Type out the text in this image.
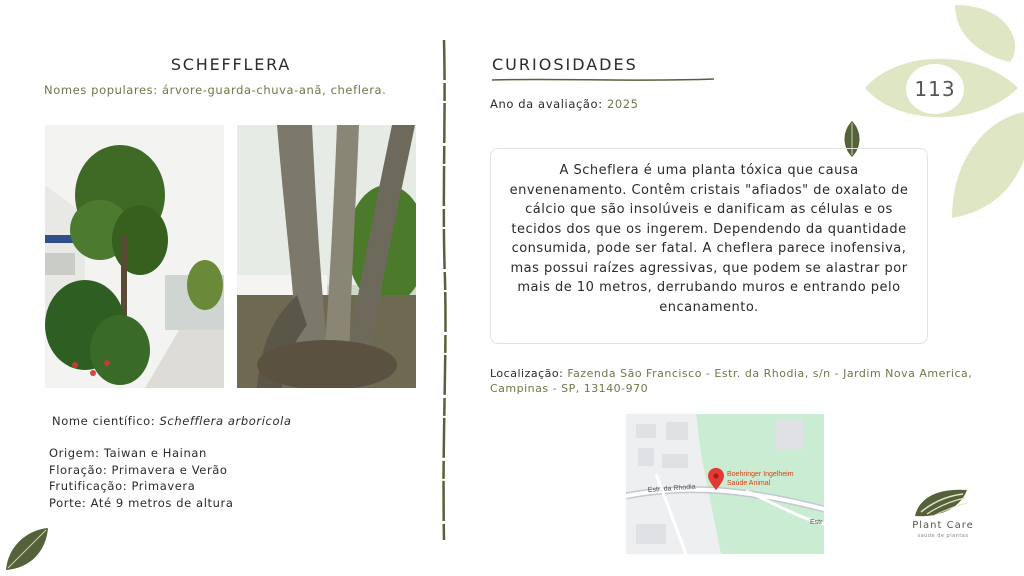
113
SCHEFFLERA
Nomes populares: árvore-guarda-chuva-anã, cheflera.
Nome científico: Schefflera arboricola
Origem: Taiwan e Hainan
Floração: Primavera e Verão
Frutificação: Primavera
Porte: Até 9 metros de altura
CURIOSIDADES
Ano da avaliação: 2025
A Scheflera é uma planta tóxica que causa envenenamento. Contêm cristais "afiados" de oxalato de cálcio que são insolúveis e danificam as células e os tecidos dos que os ingerem. Dependendo da quantidade consumida, pode ser fatal. A cheflera parece inofensiva, mas possui raízes agressivas, que podem se alastrar por mais de 10 metros, derrubando muros e entrando pelo encanamento.
Localização: Fazenda São Francisco - Estr. da Rhodia, s/n - Jardim Nova America, Campinas - SP, 13140-970
Estr. da Rhodia
Estr
Boehringer Ingelheim
Saúde Animal
Plant Care
saúde de plantas
